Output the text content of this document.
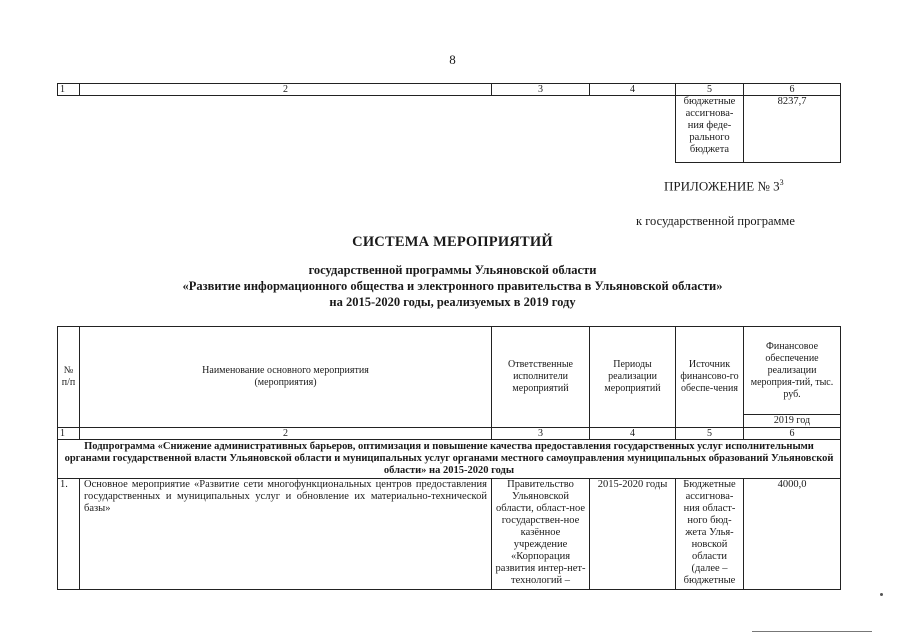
8
1	2	3	4	5	6
				бюджетные ассигнова-ния феде-рального бюджета	8237,7
ПРИЛОЖЕНИЕ № $3^3$
к государственной программе
СИСТЕМА МЕРОПРИЯТИЙ
государственной программы Ульяновской области
«Развитие информационного общества и электронного правительства в Ульяновской области»
на 2015-2020 годы, реализуемых в 2019 году
№ п/п	Наименование основного мероприятия (мероприятия)	Ответственные исполнители мероприятий	Периоды реализации мероприятий	Источник финансово-го обеспе-чения	Финансовое обеспечение реализации мероприя-тий, тыс. руб.
					2019 год
1	2	3	4	5	6
Подпрограмма «Снижение административных барьеров, оптимизация и повышение качества предоставления государственных услуг исполнительными органами государственной власти Ульяновской области и муниципальных услуг органами местного самоуправления муниципальных образований Ульяновской области» на 2015-2020 годы					
1.	Основное мероприятие «Развитие сети многофункциональных центров предоставления государственных и муниципальных услуг и обновление их материально-технической базы»	Правительство Ульяновской области, област-ное государствен-ное казённое учреждение «Корпорация развития интер-нет-технологий –	2015-2020 годы	Бюджетные ассигнова-ния област-ного бюд-жета Улья-новской области (далее – бюджетные	4000,0
